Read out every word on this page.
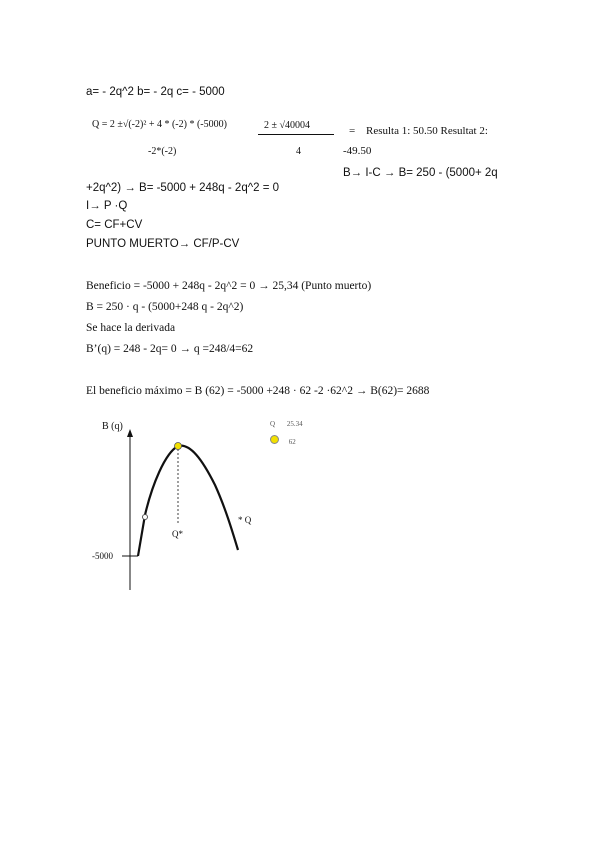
a= - 2q^2 b= - 2q c= - 5000
Q = 2 ±√(-2)² + 4 * (-2) * (-5000)
-2*(-2)
2 ± √40004
4
= Resulta 1: 50.50 Resultat 2:
-49.50
B→ I-C → B= 250 - (5000+ 2q
+2q^2) → B= -5000 + 248q - 2q^2 = 0
I→ P ·Q
C= CF+CV
PUNTO MUERTO→ CF/P-CV
Beneficio = -5000 + 248q - 2q^2 = 0 → 25,34 (Punto muerto)
B = 250 · q - (5000+248 q - 2q^2)
Se hace la derivada
B’(q) = 248 - 2q= 0 → q =248/4=62
El beneficio máximo = B (62) = -5000 +248 · 62 -2 ·62^2 → B(62)= 2688
B (q)
-5000
Q*
* Q
Q 25.34
62
